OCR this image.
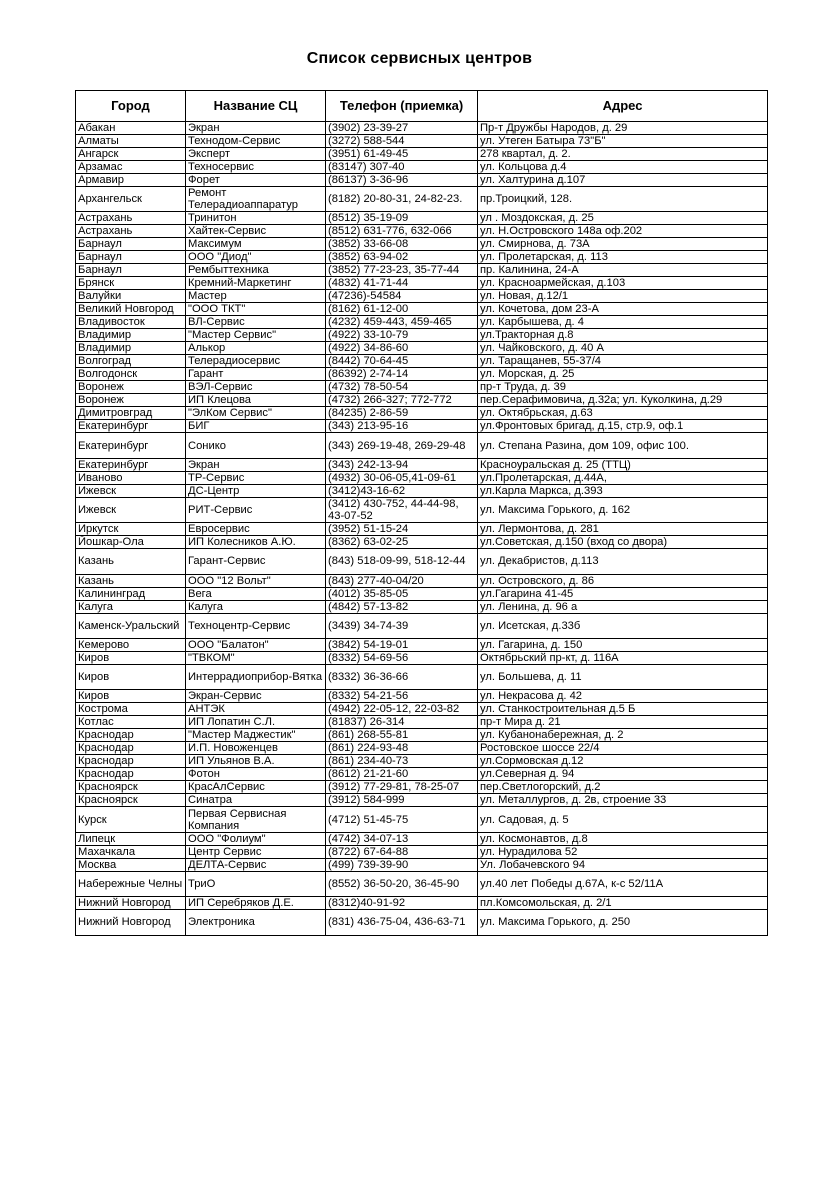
Список сервисных центров
Город	Название СЦ	Телефон (приемка)	Адрес
Абакан	Экран	(3902) 23-39-27	Пр-т Дружбы Народов, д. 29
Алматы	Технодом-Сервис	(3272) 588-544	ул. Утеген Батыра 73"Б"
Ангарск	Эксперт	(3951) 61-49-45	278 квартал, д. 2.
Арзамас	Техносервис	(83147) 307-40	ул. Кольцова д.4
Армавир	Форет	(86137) 3-36-96	ул. Халтурина д.107
Архангельск	Ремонт Телерадиоаппаратур	(8182) 20-80-31, 24-82-23.	пр.Троицкий, 128.
Астрахань	Тринитон	(8512) 35-19-09	ул . Моздокская, д. 25
Астрахань	Хайтек-Сервис	(8512) 631-776, 632-066	ул. Н.Островского 148а оф.202
Барнаул	Максимум	(3852) 33-66-08	ул. Смирнова, д. 73А
Барнаул	ООО "Диод"	(3852) 63-94-02	ул. Пролетарская, д. 113
Барнаул	Рембыттехника	(3852) 77-23-23, 35-77-44	пр. Калинина, 24-А
Брянск	Кремний-Маркетинг	(4832) 41-71-44	ул. Красноармейская, д.103
Валуйки	Мастер	(47236)-54584	ул. Новая, д.12/1
Великий Новгород	"ООО ТКТ"	(8162) 61-12-00	ул. Кочетова, дом 23-А
Владивосток	ВЛ-Сервис	(4232) 459-443, 459-465	ул. Карбышева, д. 4
Владимир	"Мастер Сервис"	(4922) 33-10-79	ул.Тракторная д.8
Владимир	Алькор	(4922) 34-86-60	ул. Чайковского, д. 40 А
Волгоград	Телерадиосервис	(8442) 70-64-45	ул. Таращанев, 55-37/4
Волгодонск	Гарант	(86392) 2-74-14	ул. Морская, д. 25
Воронеж	ВЭЛ-Сервис	(4732) 78-50-54	пр-т Труда, д. 39
Воронеж	ИП Клецова	(4732) 266-327; 772-772	пер.Серафимовича, д.32а; ул. Куколкина, д.29
Димитровград	"ЭлКом Сервис"	(84235) 2-86-59	ул. Октябрьская, д.63
Екатеринбург	БИГ	(343) 213-95-16	ул.Фронтовых бригад, д.15, стр.9, оф.1
Екатеринбург	Сонико	(343) 269-19-48, 269-29-48	ул. Степана Разина, дом 109, офис 100.
Екатеринбург	Экран	(343) 242-13-94	Красноуральская д. 25 (ТТЦ)
Иваново	ТР-Сервис	(4932) 30-06-05,41-09-61	ул.Пролетарская, д.44А,
Ижевск	ДС-Центр	(3412)43-16-62	ул.Карла Маркса, д.393
Ижевск	РИТ-Сервис	(3412) 430-752, 44-44-98, 43-07-52	ул. Максима Горького, д. 162
Иркутск	Евросервис	(3952) 51-15-24	ул. Лермонтова, д. 281
Йошкар-Ола	ИП Колесников А.Ю.	(8362) 63-02-25	ул.Советская, д.150 (вход со двора)
Казань	Гарант-Сервис	(843) 518-09-99, 518-12-44	ул. Декабристов, д.113
Казань	ООО "12 Вольт"	(843) 277-40-04/20	ул. Островского, д. 86
Калининград	Вега	(4012) 35-85-05	ул.Гагарина 41-45
Калуга	Калуга	(4842) 57-13-82	ул. Ленина, д. 96 а
Каменск-Уральский	Техноцентр-Сервис	(3439) 34-74-39	ул. Исетская, д.33б
Кемерово	ООО "Балатон"	(3842) 54-19-01	ул. Гагарина, д. 150
Киров	"ТВКОМ"	(8332) 54-69-56	Октябрьский пр-кт, д. 116А
Киров	Интеррадиоприбор-Вятка	(8332) 36-36-66	ул. Большева, д. 11
Киров	Экран-Сервис	(8332) 54-21-56	ул. Некрасова д. 42
Кострома	АНТЭК	(4942) 22-05-12, 22-03-82	ул. Станкостроительная д.5 Б
Котлас	ИП Лопатин С.Л.	(81837) 26-314	пр-т Мира д. 21
Краснодар	"Мастер Маджестик"	(861) 268-55-81	ул. Кубанонабережная, д. 2
Краснодар	И.П. Новоженцев	(861) 224-93-48	Ростовское шоссе 22/4
Краснодар	ИП Ульянов В.А.	(861) 234-40-73	ул.Сормовская д.12
Краснодар	Фотон	(8612) 21-21-60	ул.Северная д. 94
Красноярск	КрасАлСервис	(3912) 77-29-81, 78-25-07	пер.Светлогорский, д.2
Красноярск	Синатра	(3912) 584-999	ул. Металлургов, д. 2в, строение 33
Курск	Первая Сервисная Компания	(4712) 51-45-75	ул. Садовая, д. 5
Липецк	ООО "Фолиум"	(4742) 34-07-13	ул. Космонавтов, д.8
Махачкала	Центр Сервис	(8722) 67-64-88	ул. Нурадилова 52
Москва	ДЕЛТА-Сервис	(499) 739-39-90	Ул. Лобачевского 94
Набережные Челны	ТриО	(8552) 36-50-20, 36-45-90	ул.40 лет Победы д.67А, к-с 52/11А
Нижний Новгород	ИП Серебряков Д.Е.	(8312)40-91-92	пл.Комсомольская, д. 2/1
Нижний Новгород	Электроника	(831) 436-75-04, 436-63-71	ул. Максима Горького, д. 250
